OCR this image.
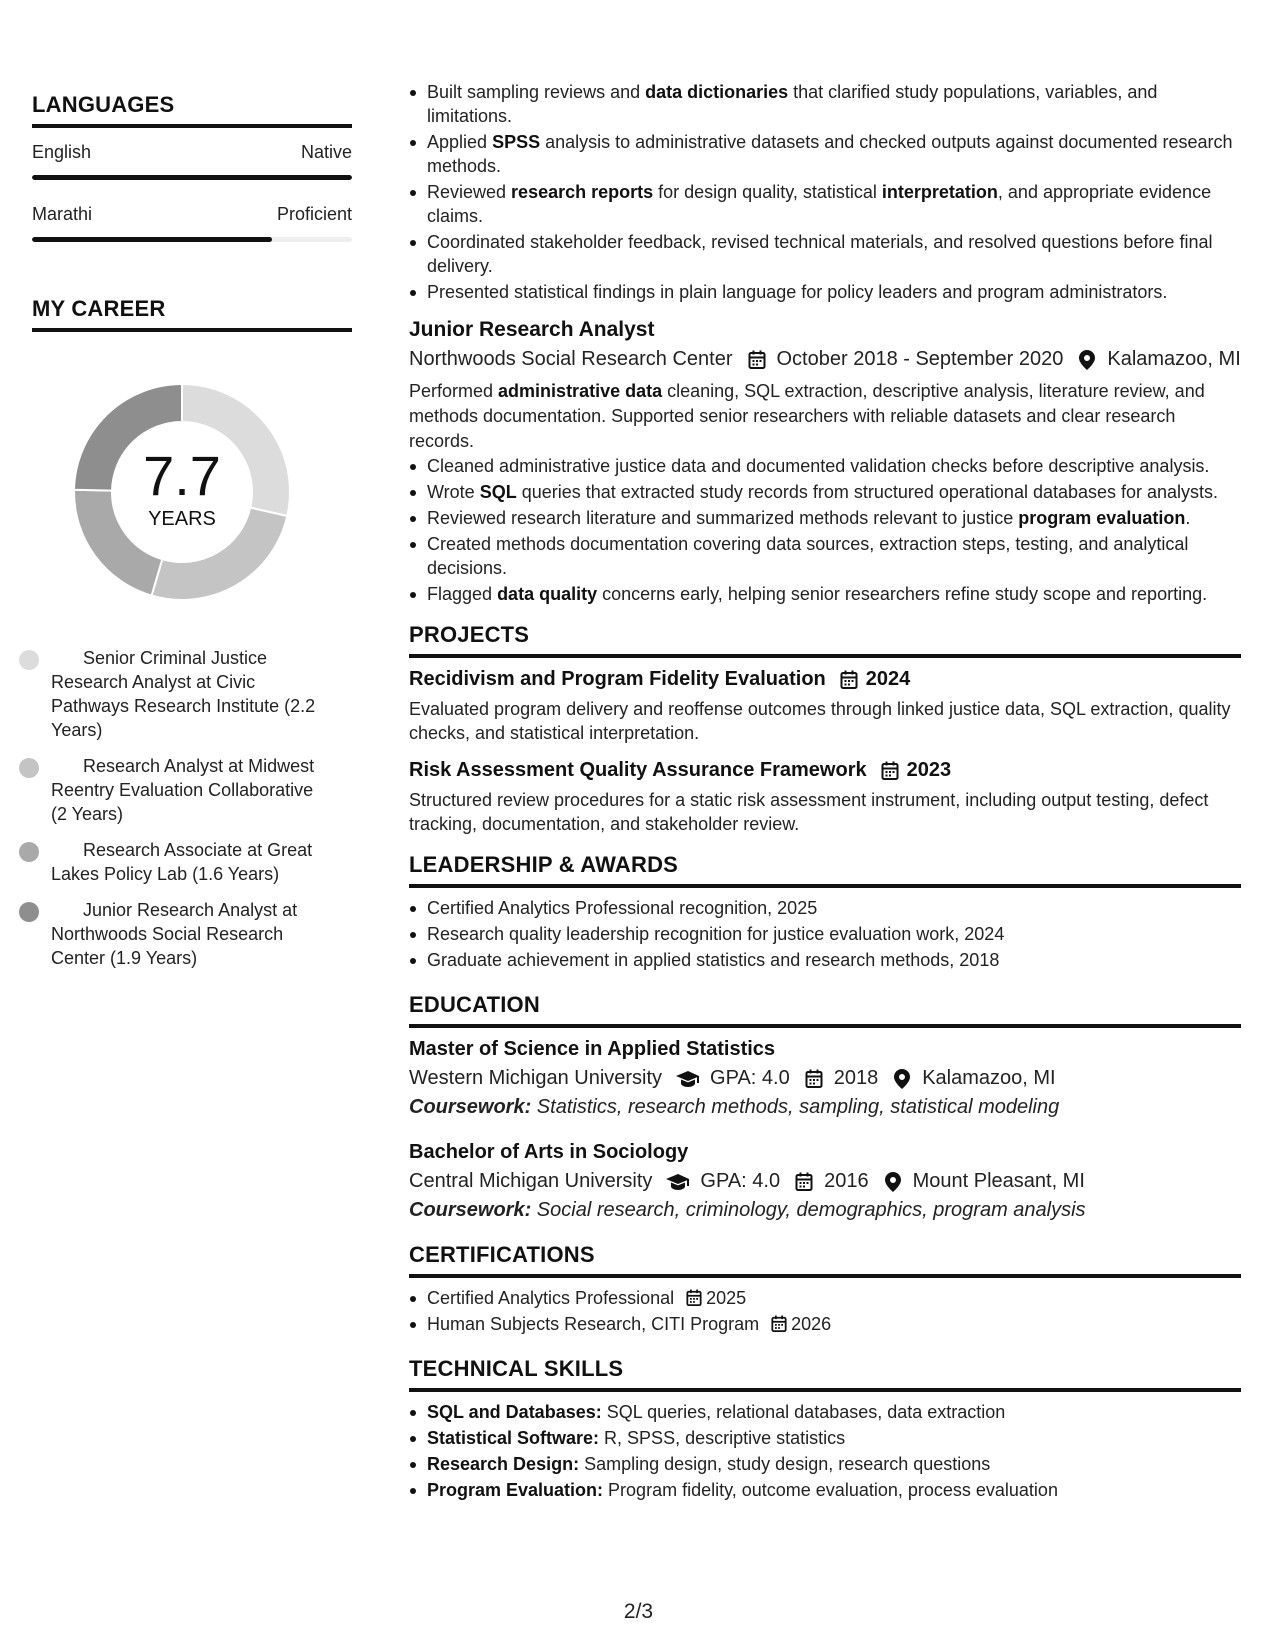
LANGUAGES
English	Native
Marathi	Proficient
MY CAREER
7.7
YEARS
Senior Criminal Justice Research Analyst at Civic Pathways Research Institute (2.2 Years)
Research Analyst at Midwest Reentry Evaluation Collaborative (2 Years)
Research Associate at Great Lakes Policy Lab (1.6 Years)
Junior Research Analyst at Northwoods Social Research Center (1.9 Years)
Built sampling reviews and data dictionaries that clarified study populations, variables, and limitations.
Applied SPSS analysis to administrative datasets and checked outputs against documented research methods.
Reviewed research reports for design quality, statistical interpretation, and appropriate evidence claims.
Coordinated stakeholder feedback, revised technical materials, and resolved questions before final delivery.
Presented statistical findings in plain language for policy leaders and program administrators.
Junior Research Analyst
Northwoods Social Research Center October 2018 - September 2020 Kalamazoo, MI
Performed administrative data cleaning, SQL extraction, descriptive analysis, literature review, and methods documentation. Supported senior researchers with reliable datasets and clear research records.
Cleaned administrative justice data and documented validation checks before descriptive analysis.
Wrote SQL queries that extracted study records from structured operational databases for analysts.
Reviewed research literature and summarized methods relevant to justice program evaluation.
Created methods documentation covering data sources, extraction steps, testing, and analytical decisions.
Flagged data quality concerns early, helping senior researchers refine study scope and reporting.
PROJECTS
Recidivism and Program Fidelity Evaluation 2024
Evaluated program delivery and reoffense outcomes through linked justice data, SQL extraction, quality checks, and statistical interpretation.
Risk Assessment Quality Assurance Framework 2023
Structured review procedures for a static risk assessment instrument, including output testing, defect tracking, documentation, and stakeholder review.
LEADERSHIP & AWARDS
Certified Analytics Professional recognition, 2025
Research quality leadership recognition for justice evaluation work, 2024
Graduate achievement in applied statistics and research methods, 2018
EDUCATION
Master of Science in Applied Statistics
Western Michigan University GPA: 4.0 2018 Kalamazoo, MI
Coursework: Statistics, research methods, sampling, statistical modeling
Bachelor of Arts in Sociology
Central Michigan University GPA: 4.0 2016 Mount Pleasant, MI
Coursework: Social research, criminology, demographics, program analysis
CERTIFICATIONS
Certified Analytics Professional 2025
Human Subjects Research, CITI Program 2026
TECHNICAL SKILLS
SQL and Databases: SQL queries, relational databases, data extraction
Statistical Software: R, SPSS, descriptive statistics
Research Design: Sampling design, study design, research questions
Program Evaluation: Program fidelity, outcome evaluation, process evaluation
2/3
